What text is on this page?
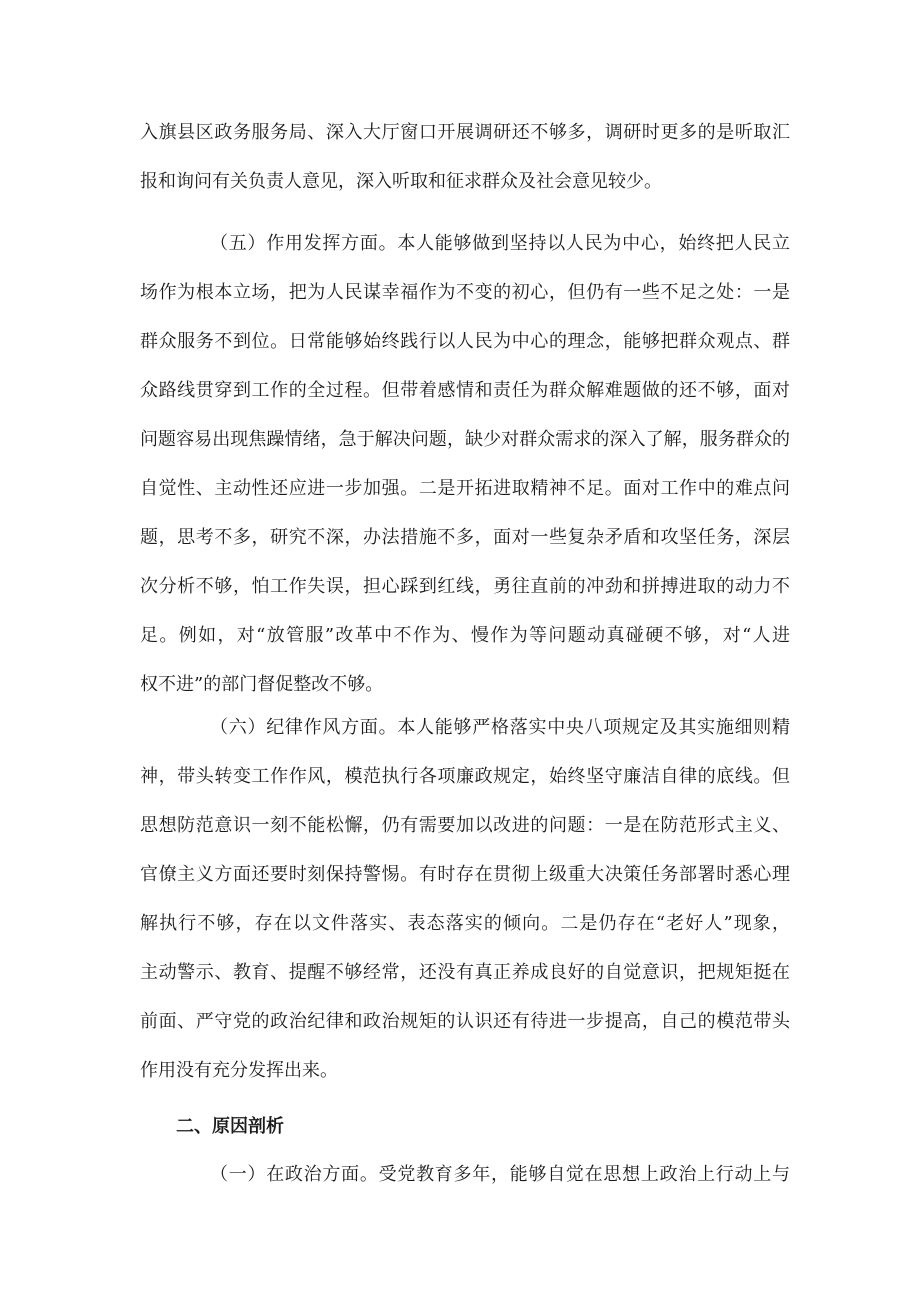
入旗县区政务服务局、深入大厅窗口开展调研还不够多，调研时更多的是听取汇
报和询问有关负责人意见，深入听取和征求群众及社会意见较少。
（五）作用发挥方面。本人能够做到坚持以人民为中心，始终把人民立
场作为根本立场，把为人民谋幸福作为不变的初心，但仍有一些不足之处：一是
群众服务不到位。日常能够始终践行以人民为中心的理念，能够把群众观点、群
众路线贯穿到工作的全过程。但带着感情和责任为群众解难题做的还不够，面对
问题容易出现焦躁情绪，急于解决问题，缺少对群众需求的深入了解，服务群众的
自觉性、主动性还应进一步加强。二是开拓进取精神不足。面对工作中的难点问
题，思考不多，研究不深，办法措施不多，面对一些复杂矛盾和攻坚任务，深层
次分析不够，怕工作失误，担心踩到红线，勇往直前的冲劲和拼搏进取的动力不
足。例如，对“放管服”改革中不作为、慢作为等问题动真碰硬不够，对“人进
权不进”的部门督促整改不够。
（六）纪律作风方面。本人能够严格落实中央八项规定及其实施细则精
神，带头转变工作作风，模范执行各项廉政规定，始终坚守廉洁自律的底线。但
思想防范意识一刻不能松懈，仍有需要加以改进的问题：一是在防范形式主义、
官僚主义方面还要时刻保持警惕。有时存在贯彻上级重大决策任务部署时悉心理
解执行不够，存在以文件落实、表态落实的倾向。二是仍存在“老好人”现象，
主动警示、教育、提醒不够经常，还没有真正养成良好的自觉意识，把规矩挺在
前面、严守党的政治纪律和政治规矩的认识还有待进一步提高，自己的模范带头
作用没有充分发挥出来。
二、原因剖析
（一）在政治方面。受党教育多年，能够自觉在思想上政治上行动上与
